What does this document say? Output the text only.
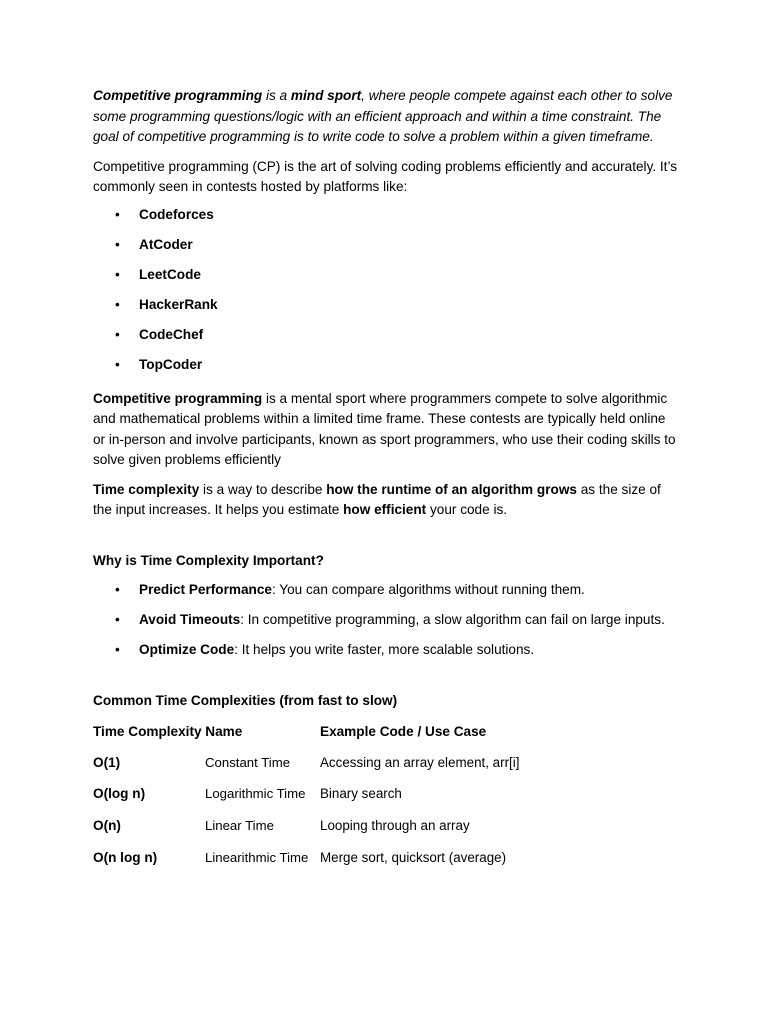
Competitive programming is a mind sport, where people compete against each other to solve some programming questions/logic with an efficient approach and within a time constraint. The goal of competitive programming is to write code to solve a problem within a given timeframe.

Competitive programming (CP) is the art of solving coding problems efficiently and accurately. It’s commonly seen in contests hosted by platforms like:

• Codeforces
• AtCoder
• LeetCode
• HackerRank
• CodeChef
• TopCoder

Competitive programming is a mental sport where programmers compete to solve algorithmic and mathematical problems within a limited time frame. These contests are typically held online or in-person and involve participants, known as sport programmers, who use their coding skills to solve given problems efficiently

Time complexity is a way to describe how the runtime of an algorithm grows as the size of the input increases. It helps you estimate how efficient your code is.

Why is Time Complexity Important?

• Predict Performance: You can compare algorithms without running them.
• Avoid Timeouts: In competitive programming, a slow algorithm can fail on large inputs.
• Optimize Code: It helps you write faster, more scalable solutions.

Common Time Complexities (from fast to slow)

Time Complexity Name		Example Code / Use Case
O(1)	Constant Time	Accessing an array element, arr[i]
O(log n)	Logarithmic Time	Binary search
O(n)	Linear Time	Looping through an array
O(n log n)	Linearithmic Time	Merge sort, quicksort (average)
